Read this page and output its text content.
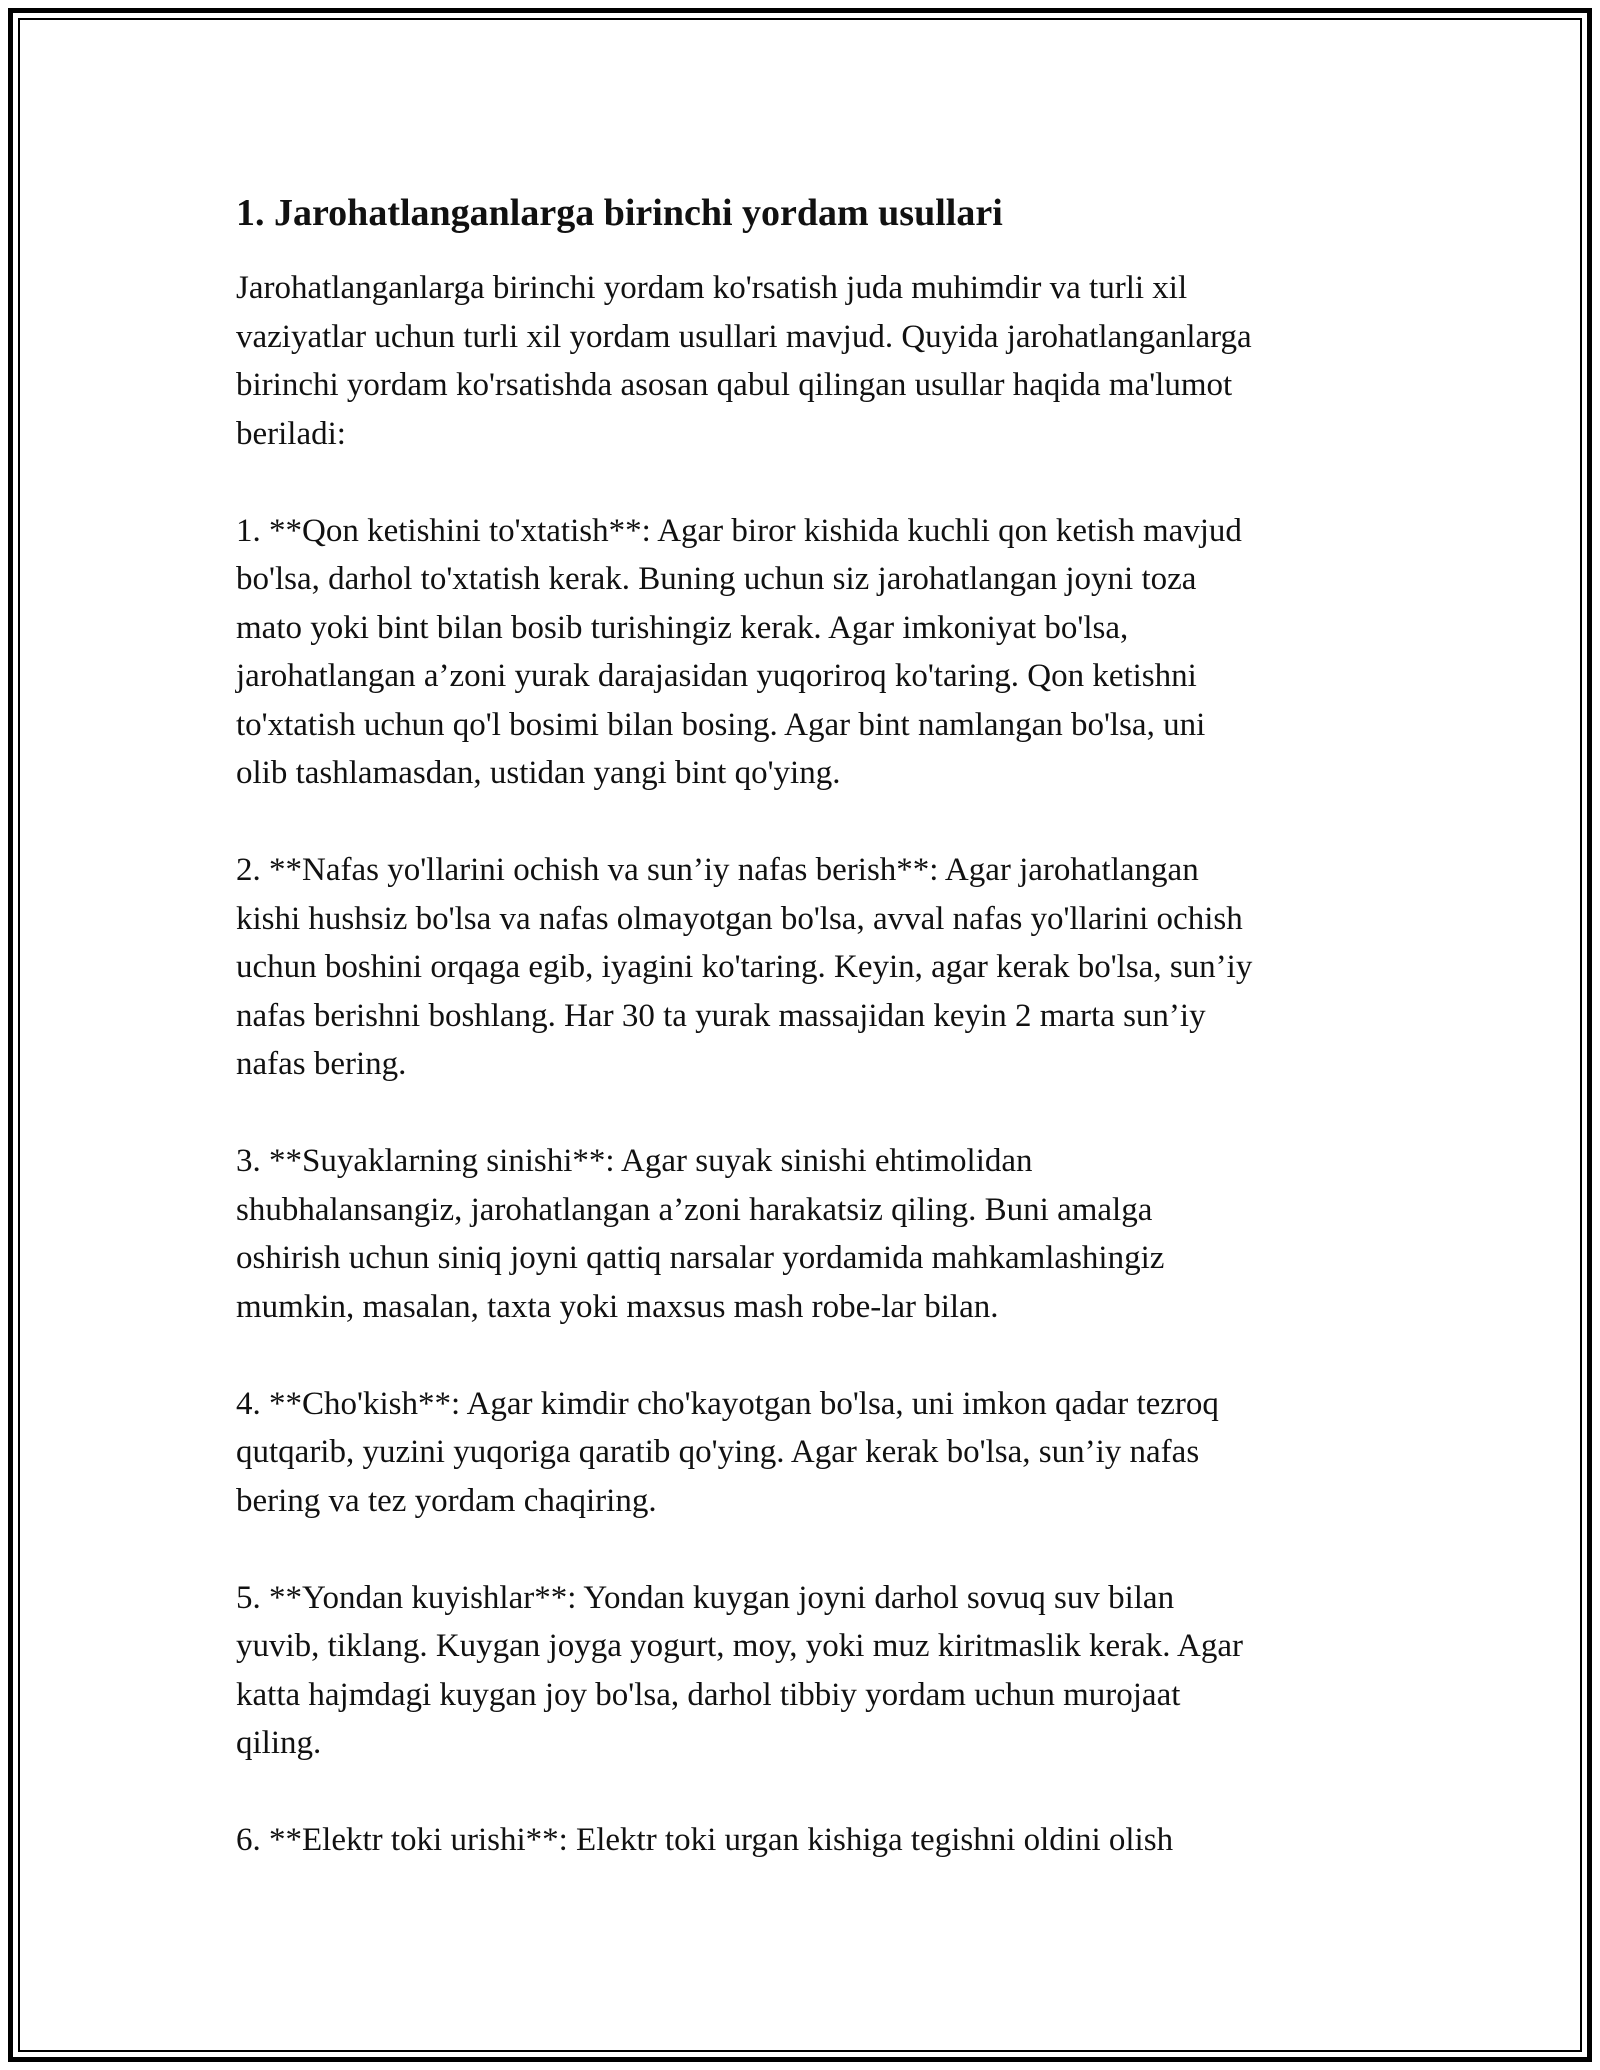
1. Jarohatlanganlarga birinchi yordam usullari
Jarohatlanganlarga birinchi yordam ko'rsatish juda muhimdir va turli xil
vaziyatlar uchun turli xil yordam usullari mavjud. Quyida jarohatlanganlarga
birinchi yordam ko'rsatishda asosan qabul qilingan usullar haqida ma'lumot
beriladi:
1. **Qon ketishini to'xtatish**: Agar biror kishida kuchli qon ketish mavjud
bo'lsa, darhol to'xtatish kerak. Buning uchun siz jarohatlangan joyni toza
mato yoki bint bilan bosib turishingiz kerak. Agar imkoniyat bo'lsa,
jarohatlangan a’zoni yurak darajasidan yuqoriroq ko'taring. Qon ketishni
to'xtatish uchun qo'l bosimi bilan bosing. Agar bint namlangan bo'lsa, uni
olib tashlamasdan, ustidan yangi bint qo'ying.
2. **Nafas yo'llarini ochish va sun’iy nafas berish**: Agar jarohatlangan
kishi hushsiz bo'lsa va nafas olmayotgan bo'lsa, avval nafas yo'llarini ochish
uchun boshini orqaga egib, iyagini ko'taring. Keyin, agar kerak bo'lsa, sun’iy
nafas berishni boshlang. Har 30 ta yurak massajidan keyin 2 marta sun’iy
nafas bering.
3. **Suyaklarning sinishi**: Agar suyak sinishi ehtimolidan
shubhalansangiz, jarohatlangan a’zoni harakatsiz qiling. Buni amalga
oshirish uchun siniq joyni qattiq narsalar yordamida mahkamlashingiz
mumkin, masalan, taxta yoki maxsus mash robe-lar bilan.
4. **Cho'kish**: Agar kimdir cho'kayotgan bo'lsa, uni imkon qadar tezroq
qutqarib, yuzini yuqoriga qaratib qo'ying. Agar kerak bo'lsa, sun’iy nafas
bering va tez yordam chaqiring.
5. **Yondan kuyishlar**: Yondan kuygan joyni darhol sovuq suv bilan
yuvib, tiklang. Kuygan joyga yogurt, moy, yoki muz kiritmaslik kerak. Agar
katta hajmdagi kuygan joy bo'lsa, darhol tibbiy yordam uchun murojaat
qiling.
6. **Elektr toki urishi**: Elektr toki urgan kishiga tegishni oldini olish
